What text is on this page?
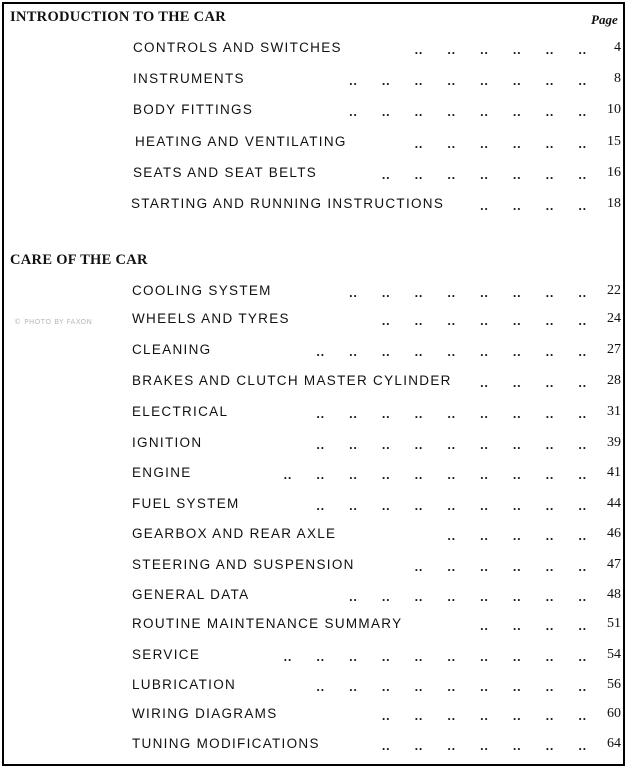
INTRODUCTION TO THE CAR	Page
CONTROLS AND SWITCHES	.. .. .. .. .. ..	4
INSTRUMENTS	.. .. .. .. .. .. .. ..	8
BODY FITTINGS	.. .. .. .. .. .. .. ..	10
HEATING AND VENTILATING	.. .. .. .. .. ..	15
SEATS AND SEAT BELTS	.. .. .. .. .. .. ..	16
STARTING AND RUNNING INSTRUCTIONS	.. .. .. ..	18
CARE OF THE CAR
© PHOTO BY FAXON
COOLING SYSTEM	.. .. .. .. .. .. .. ..	22
WHEELS AND TYRES	.. .. .. .. .. .. ..	24
CLEANING	.. .. .. .. .. .. .. .. ..	27
BRAKES AND CLUTCH MASTER CYLINDER .. .. .. ..	28
ELECTRICAL	.. .. .. .. .. .. .. .. ..	31
IGNITION	.. .. .. .. .. .. .. .. ..	39
ENGINE	.. .. .. .. .. .. .. .. .. ..	41
FUEL SYSTEM	.. .. .. .. .. .. .. .. ..	44
GEARBOX AND REAR AXLE	.. .. .. .. ..	46
STEERING AND SUSPENSION	.. .. .. .. .. ..	47
GENERAL DATA	.. .. .. .. .. .. .. ..	48
ROUTINE MAINTENANCE SUMMARY	.. .. .. ..	51
SERVICE	.. .. .. .. .. .. .. .. .. ..	54
LUBRICATION	.. .. .. .. .. .. .. .. ..	56
WIRING DIAGRAMS	.. .. .. .. .. .. ..	60
TUNING MODIFICATIONS	.. .. .. .. .. .. ..	64
